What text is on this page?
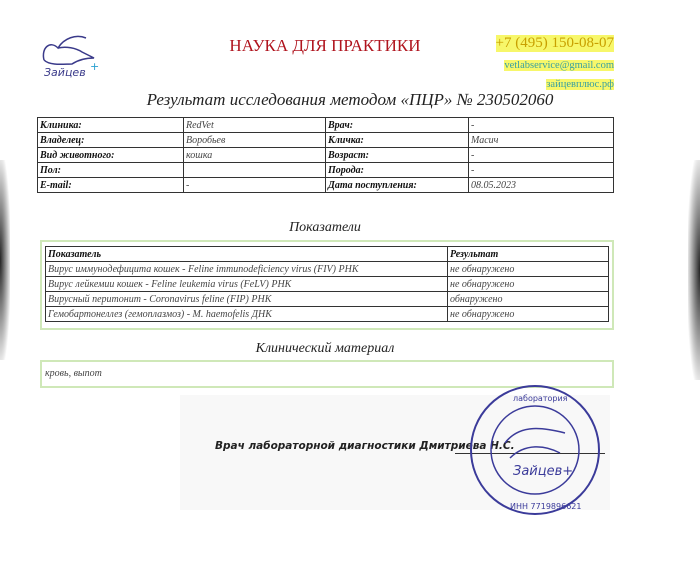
Зайцев +
НАУКА ДЛЯ ПРАКТИКИ	+7 (495) 150-08-07
vetlabservice@gmail.com
зайцевплюс.рф
Результат исследования методом «ПЦР» № 230502060
Клиника:	RedVet	Врач:	-
Владелец:	Воробьев	Кличка:	Масич
Вид животного:	кошка	Возраст:	-
Пол:		Порода:	-
E-mail:	-	Дата поступления:	08.05.2023
Показатели
Показатель	Результат
Вирус иммунодефицита кошек - Feline immunodeficiency virus (FIV) РНК	не обнаружено
Вирус лейкемии кошек - Feline leukemia virus (FeLV) РНК	не обнаружено
Вирусный перитонит - Coronavirus feline (FIP) РНК	обнаружено
Гемобартонеллез (гемоплазмоз) - M. haemofelis ДНК	не обнаружено
Клинический материал
кровь, выпот
Врач лабораторной диагностики Дмитриева Н.С.
Зайцев+
лаборатория
ИНН 7719896621
